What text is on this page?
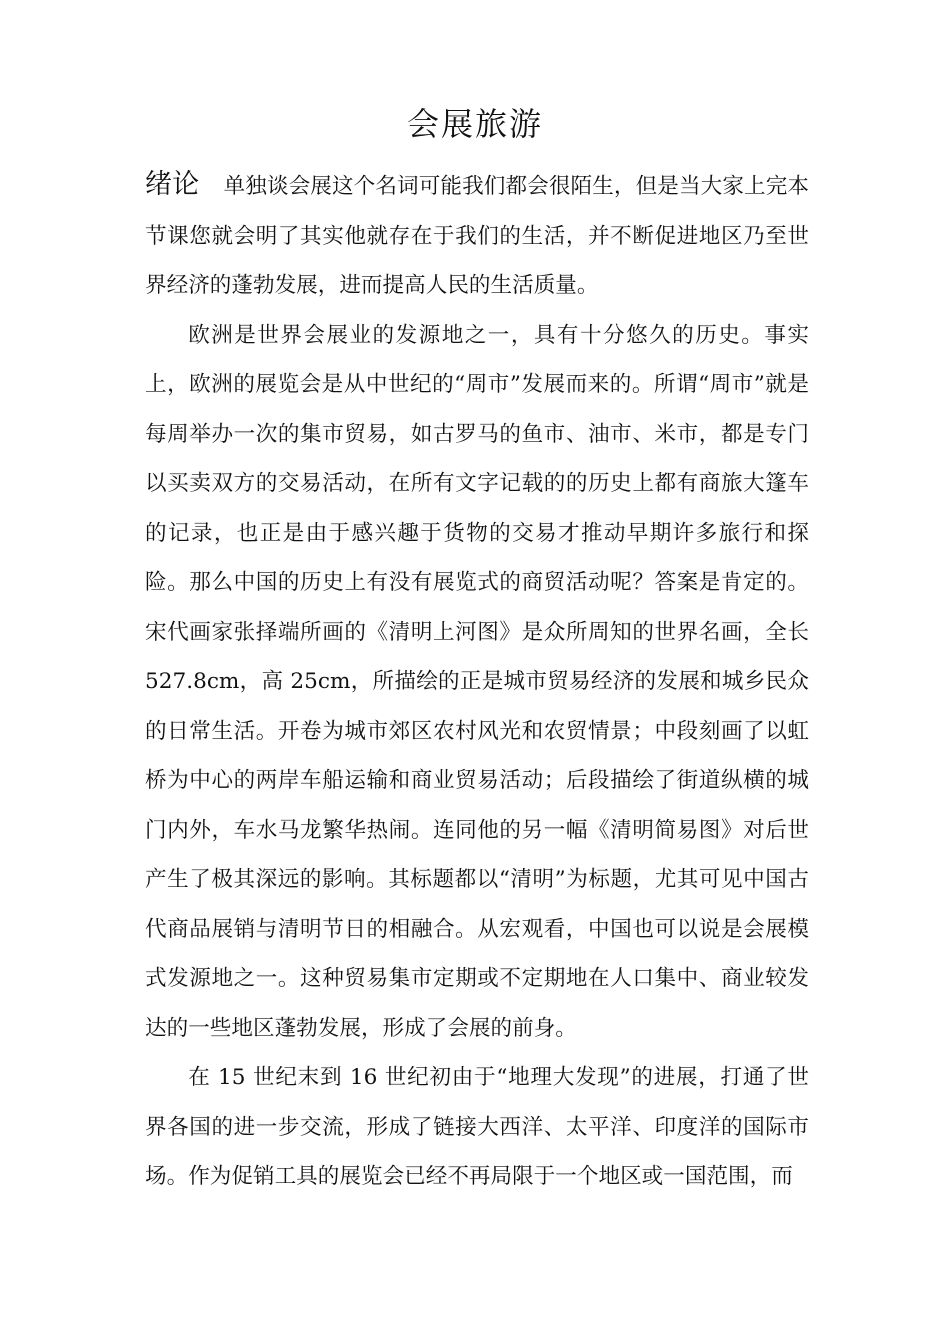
会展旅游

绪论 单独谈会展这个名词可能我们都会很陌生，但是当大家上完本节课您就会明了其实他就存在于我们的生活，并不断促进地区乃至世界经济的蓬勃发展，进而提高人民的生活质量。

欧洲是世界会展业的发源地之一，具有十分悠久的历史。事实上，欧洲的展览会是从中世纪的“周市”发展而来的。所谓“周市”就是每周举办一次的集市贸易，如古罗马的鱼市、油市、米市，都是专门以买卖双方的交易活动，在所有文字记载的的历史上都有商旅大篷车的记录，也正是由于感兴趣于货物的交易才推动早期许多旅行和探险。那么中国的历史上有没有展览式的商贸活动呢？答案是肯定的。宋代画家张择端所画的《清明上河图》是众所周知的世界名画，全长527.8cm，高 25cm，所描绘的正是城市贸易经济的发展和城乡民众的日常生活。开卷为城市郊区农村风光和农贸情景；中段刻画了以虹桥为中心的两岸车船运输和商业贸易活动；后段描绘了街道纵横的城门内外，车水马龙繁华热闹。连同他的另一幅《清明简易图》对后世产生了极其深远的影响。其标题都以“清明”为标题，尤其可见中国古代商品展销与清明节日的相融合。从宏观看，中国也可以说是会展模式发源地之一。这种贸易集市定期或不定期地在人口集中、商业较发达的一些地区蓬勃发展，形成了会展的前身。

在 15 世纪末到 16 世纪初由于“地理大发现”的进展，打通了世界各国的进一步交流，形成了链接大西洋、太平洋、印度洋的国际市场。作为促销工具的展览会已经不再局限于一个地区或一国范围，而
